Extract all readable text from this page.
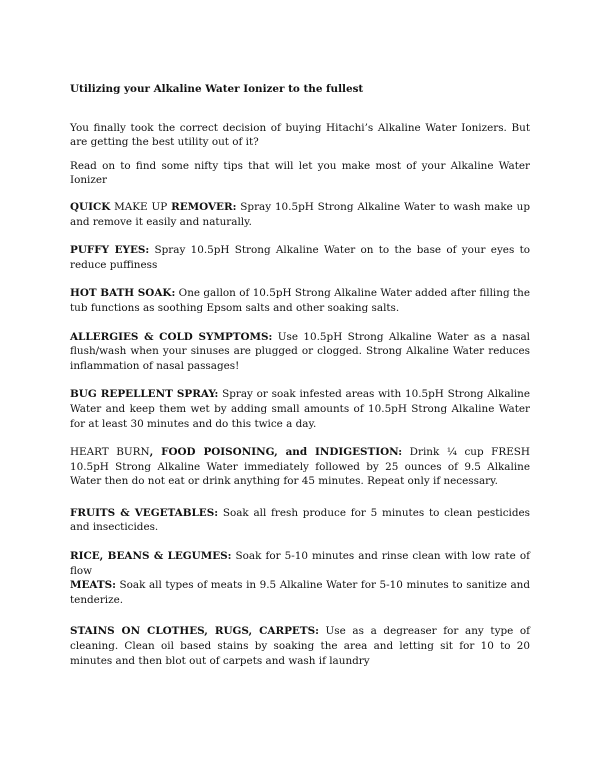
Utilizing your Alkaline Water Ionizer to the fullest

You finally took the correct decision of buying Hitachi’s Alkaline Water Ionizers. But are getting the best utility out of it?

Read on to find some nifty tips that will let you make most of your Alkaline Water Ionizer

QUICK MAKE UP REMOVER: Spray 10.5pH Strong Alkaline Water to wash make up and remove it easily and naturally.

PUFFY EYES: Spray 10.5pH Strong Alkaline Water on to the base of your eyes to reduce puffiness

HOT BATH SOAK: One gallon of 10.5pH Strong Alkaline Water added after filling the tub functions as soothing Epsom salts and other soaking salts.

ALLERGIES & COLD SYMPTOMS: Use 10.5pH Strong Alkaline Water as a nasal flush/wash when your sinuses are plugged or clogged. Strong Alkaline Water reduces inflammation of nasal passages!

BUG REPELLENT SPRAY: Spray or soak infested areas with 10.5pH Strong Alkaline Water and keep them wet by adding small amounts of 10.5pH Strong Alkaline Water for at least 30 minutes and do this twice a day.

HEART BURN, FOOD POISONING, and INDIGESTION: Drink ¼ cup FRESH 10.5pH Strong Alkaline Water immediately followed by 25 ounces of 9.5 Alkaline Water then do not eat or drink anything for 45 minutes. Repeat only if necessary.

FRUITS & VEGETABLES: Soak all fresh produce for 5 minutes to clean pesticides and insecticides.

RICE, BEANS & LEGUMES: Soak for 5-10 minutes and rinse clean with low rate of flow

MEATS: Soak all types of meats in 9.5 Alkaline Water for 5-10 minutes to sanitize and tenderize.

STAINS ON CLOTHES, RUGS, CARPETS: Use as a degreaser for any type of cleaning. Clean oil based stains by soaking the area and letting sit for 10 to 20 minutes and then blot out of carpets and wash if laundry
